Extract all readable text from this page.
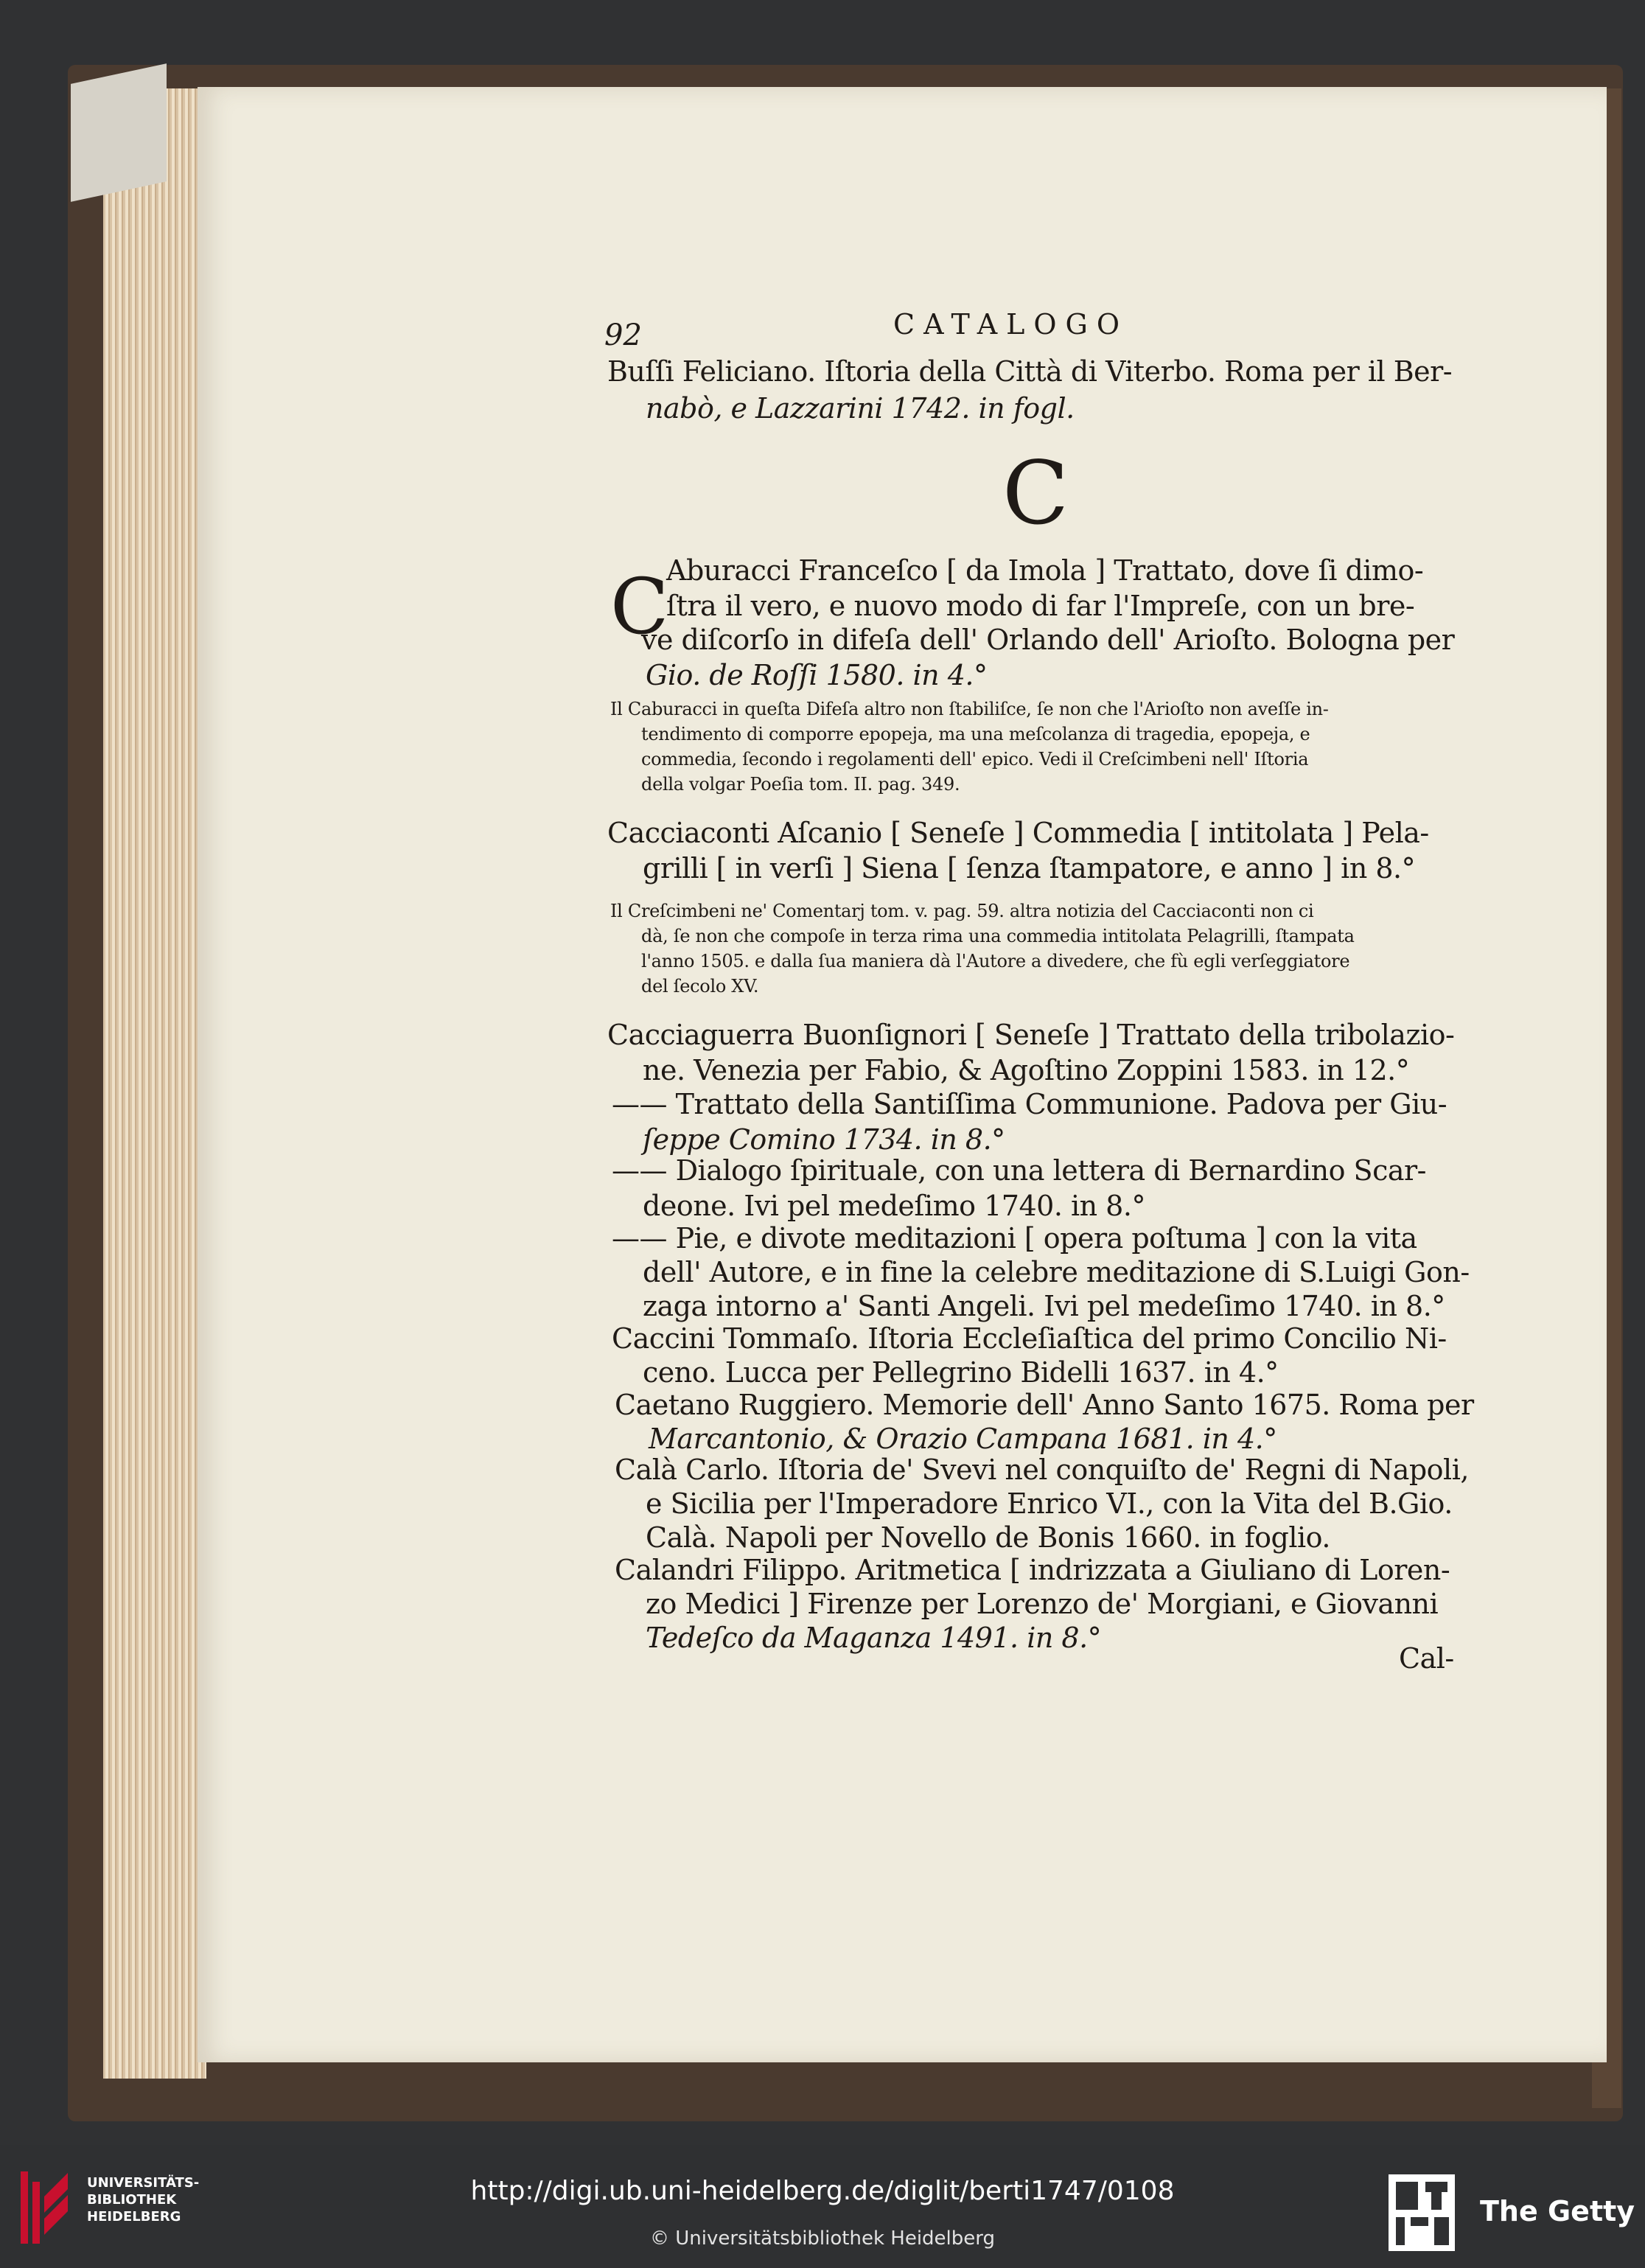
92	CATALOGO
C
C
Buſſi Feliciano. Iſtoria della Città di Viterbo. Roma per il Ber-
nabò, e Lazzarini 1742. in fogl.
Aburacci Franceſco [ da Imola ] Trattato, dove ſi dimo-
ſtra il vero, e nuovo modo di far l'Impreſe, con un bre-
ve diſcorſo in difeſa dell' Orlando dell' Arioſto. Bologna per
Gio. de Roſſi 1580. in 4.°
Il Caburacci in queſta Difeſa altro non ſtabiliſce, ſe non che l'Arioſto non aveſſe in-
tendimento di comporre epopeja, ma una meſcolanza di tragedia, epopeja, e
commedia, ſecondo i regolamenti dell' epico. Vedi il Creſcimbeni nell' Iſtoria
della volgar Poeſia tom. II. pag. 349.
Cacciaconti Aſcanio [ Seneſe ] Commedia [ intitolata ] Pela-
grilli [ in verſi ] Siena [ ſenza ſtampatore, e anno ] in 8.°
Il Creſcimbeni ne' Comentarj tom. v. pag. 59. altra notizia del Cacciaconti non ci
dà, ſe non che compoſe in terza rima una commedia intitolata Pelagrilli, ſtampata
l'anno 1505. e dalla ſua maniera dà l'Autore a divedere, che fù egli verſeggiatore
del ſecolo XV.
Cacciaguerra Buonſignori [ Seneſe ] Trattato della tribolazio-
ne. Venezia per Fabio, & Agoſtino Zoppini 1583. in 12.°
—— Trattato della Santiſſima Communione. Padova per Giu-
ſeppe Comino 1734. in 8.°
—— Dialogo ſpirituale, con una lettera di Bernardino Scar-
deone. Ivi pel medeſimo 1740. in 8.°
—— Pie, e divote meditazioni [ opera poſtuma ] con la vita
dell' Autore, e in fine la celebre meditazione di S.Luigi Gon-
zaga intorno a' Santi Angeli. Ivi pel medeſimo 1740. in 8.°
Caccini Tommaſo. Iſtoria Eccleſiaſtica del primo Concilio Ni-
ceno. Lucca per Pellegrino Bidelli 1637. in 4.°
Caetano Ruggiero. Memorie dell' Anno Santo 1675. Roma per
Marcantonio, & Orazio Campana 1681. in 4.°
Calà Carlo. Iſtoria de' Svevi nel conquiſto de' Regni di Napoli,
e Sicilia per l'Imperadore Enrico VI., con la Vita del B.Gio.
Calà. Napoli per Novello de Bonis 1660. in foglio.
Calandri Filippo. Aritmetica [ indrizzata a Giuliano di Loren-
zo Medici ] Firenze per Lorenzo de' Morgiani, e Giovanni
Tedeſco da Maganza 1491. in 8.°
Cal-
UNIVERSITÄTS-
BIBLIOTHEK
HEIDELBERG
http://digi.ub.uni-heidelberg.de/diglit/berti1747/0108
© Universitätsbibliothek Heidelberg
The Getty
